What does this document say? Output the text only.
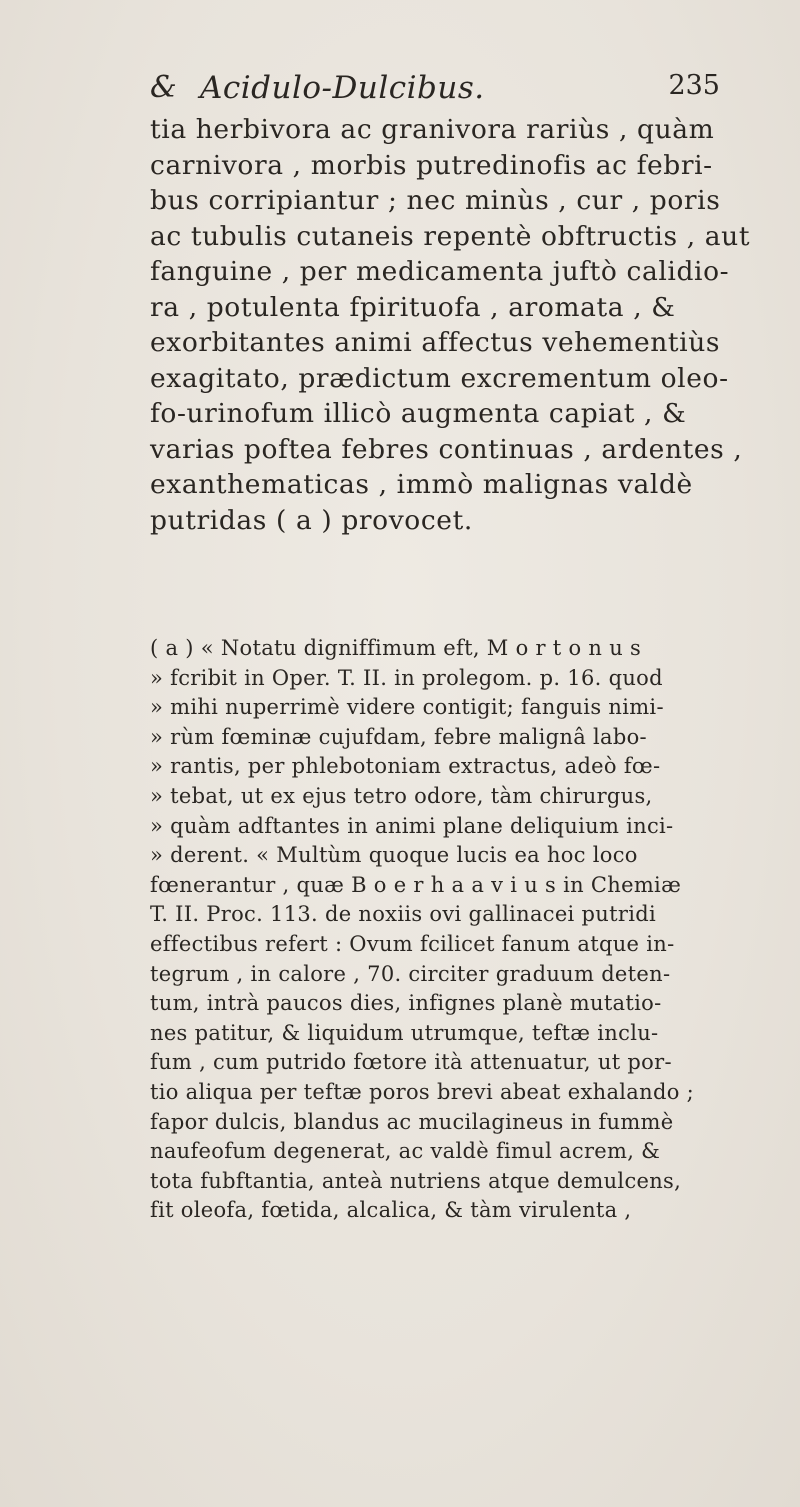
& Acidulo-Dulcibus.	235
tia herbivora ac granivora rariùs , quàm
carnivora , morbis putredinofis ac febri-
bus corripiantur ; nec minùs , cur , poris
ac tubulis cutaneis repentè obftructis , aut
fanguine , per medicamenta juftò calidio-
ra , potulenta fpirituofa , aromata , &
exorbitantes animi affectus vehementiùs
exagitato, prædictum excrementum oleo-
fo-urinofum illicò augmenta capiat , &
varias poftea febres continuas , ardentes ,
exanthematicas , immò malignas valdè
putridas ( a ) provocet.
( a ) « Notatu digniffimum eft, M o r t o n u s
» fcribit in Oper. T. II. in prolegom. p. 16. quod
» mihi nuperrimè videre contigit; fanguis nimi-
» rùm fœminæ cujufdam, febre malignâ labo-
» rantis, per phlebotoniam extractus, adeò fœ-
» tebat, ut ex ejus tetro odore, tàm chirurgus,
» quàm adftantes in animi plane deliquium inci-
» derent. « Multùm quoque lucis ea hoc loco
fœnerantur , quæ B o e r h a a v i u s in Chemiæ
T. II. Proc. 113. de noxiis ovi gallinacei putridi
effectibus refert : Ovum fcilicet fanum atque in-
tegrum , in calore , 70. circiter graduum deten-
tum, intrà paucos dies, infignes planè mutatio-
nes patitur, & liquidum utrumque, teftæ inclu-
fum , cum putrido fœtore ità attenuatur, ut por-
tio aliqua per teftæ poros brevi abeat exhalando ;
fapor dulcis, blandus ac mucilagineus in fummè
naufeofum degenerat, ac valdè fimul acrem, &
tota fubftantia, anteà nutriens atque demulcens,
fit oleofa, fœtida, alcalica, & tàm virulenta ,
